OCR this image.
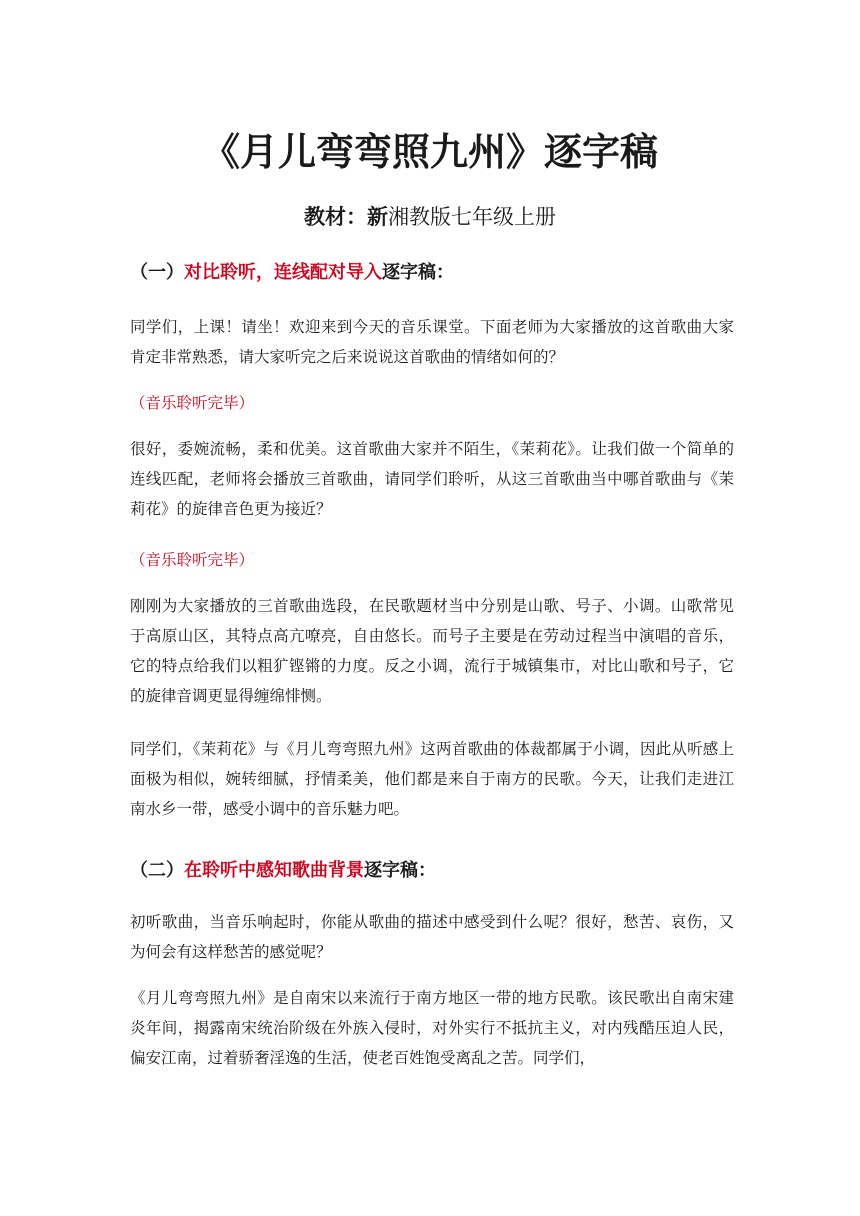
《月儿弯弯照九州》逐字稿
教材：新湘教版七年级上册
（一）对比聆听，连线配对导入逐字稿：

同学们，上课！请坐！欢迎来到今天的音乐课堂。下面老师为大家播放的这首歌曲大家肯定非常熟悉，请大家听完之后来说说这首歌曲的情绪如何的？

（音乐聆听完毕）

很好，委婉流畅，柔和优美。这首歌曲大家并不陌生，《茉莉花》。让我们做一个简单的连线匹配，老师将会播放三首歌曲，请同学们聆听，从这三首歌曲当中哪首歌曲与《茉莉花》的旋律音色更为接近？

（音乐聆听完毕）

刚刚为大家播放的三首歌曲选段，在民歌题材当中分别是山歌、号子、小调。山歌常见于高原山区，其特点高亢嘹亮，自由悠长。而号子主要是在劳动过程当中演唱的音乐，它的特点给我们以粗犷铿锵的力度。反之小调，流行于城镇集市，对比山歌和号子，它的旋律音调更显得缠绵悱恻。

同学们，《茉莉花》与《月儿弯弯照九州》这两首歌曲的体裁都属于小调，因此从听感上面极为相似，婉转细腻，抒情柔美，他们都是来自于南方的民歌。今天，让我们走进江南水乡一带，感受小调中的音乐魅力吧。

（二）在聆听中感知歌曲背景逐字稿：

初听歌曲，当音乐响起时，你能从歌曲的描述中感受到什么呢？很好，愁苦、哀伤，又为何会有这样愁苦的感觉呢？

《月儿弯弯照九州》是自南宋以来流行于南方地区一带的地方民歌。该民歌出自南宋建炎年间，揭露南宋统治阶级在外族入侵时，对外实行不抵抗主义，对内残酷压迫人民，偏安江南，过着骄奢淫逸的生活，使老百姓饱受离乱之苦。同学们，
